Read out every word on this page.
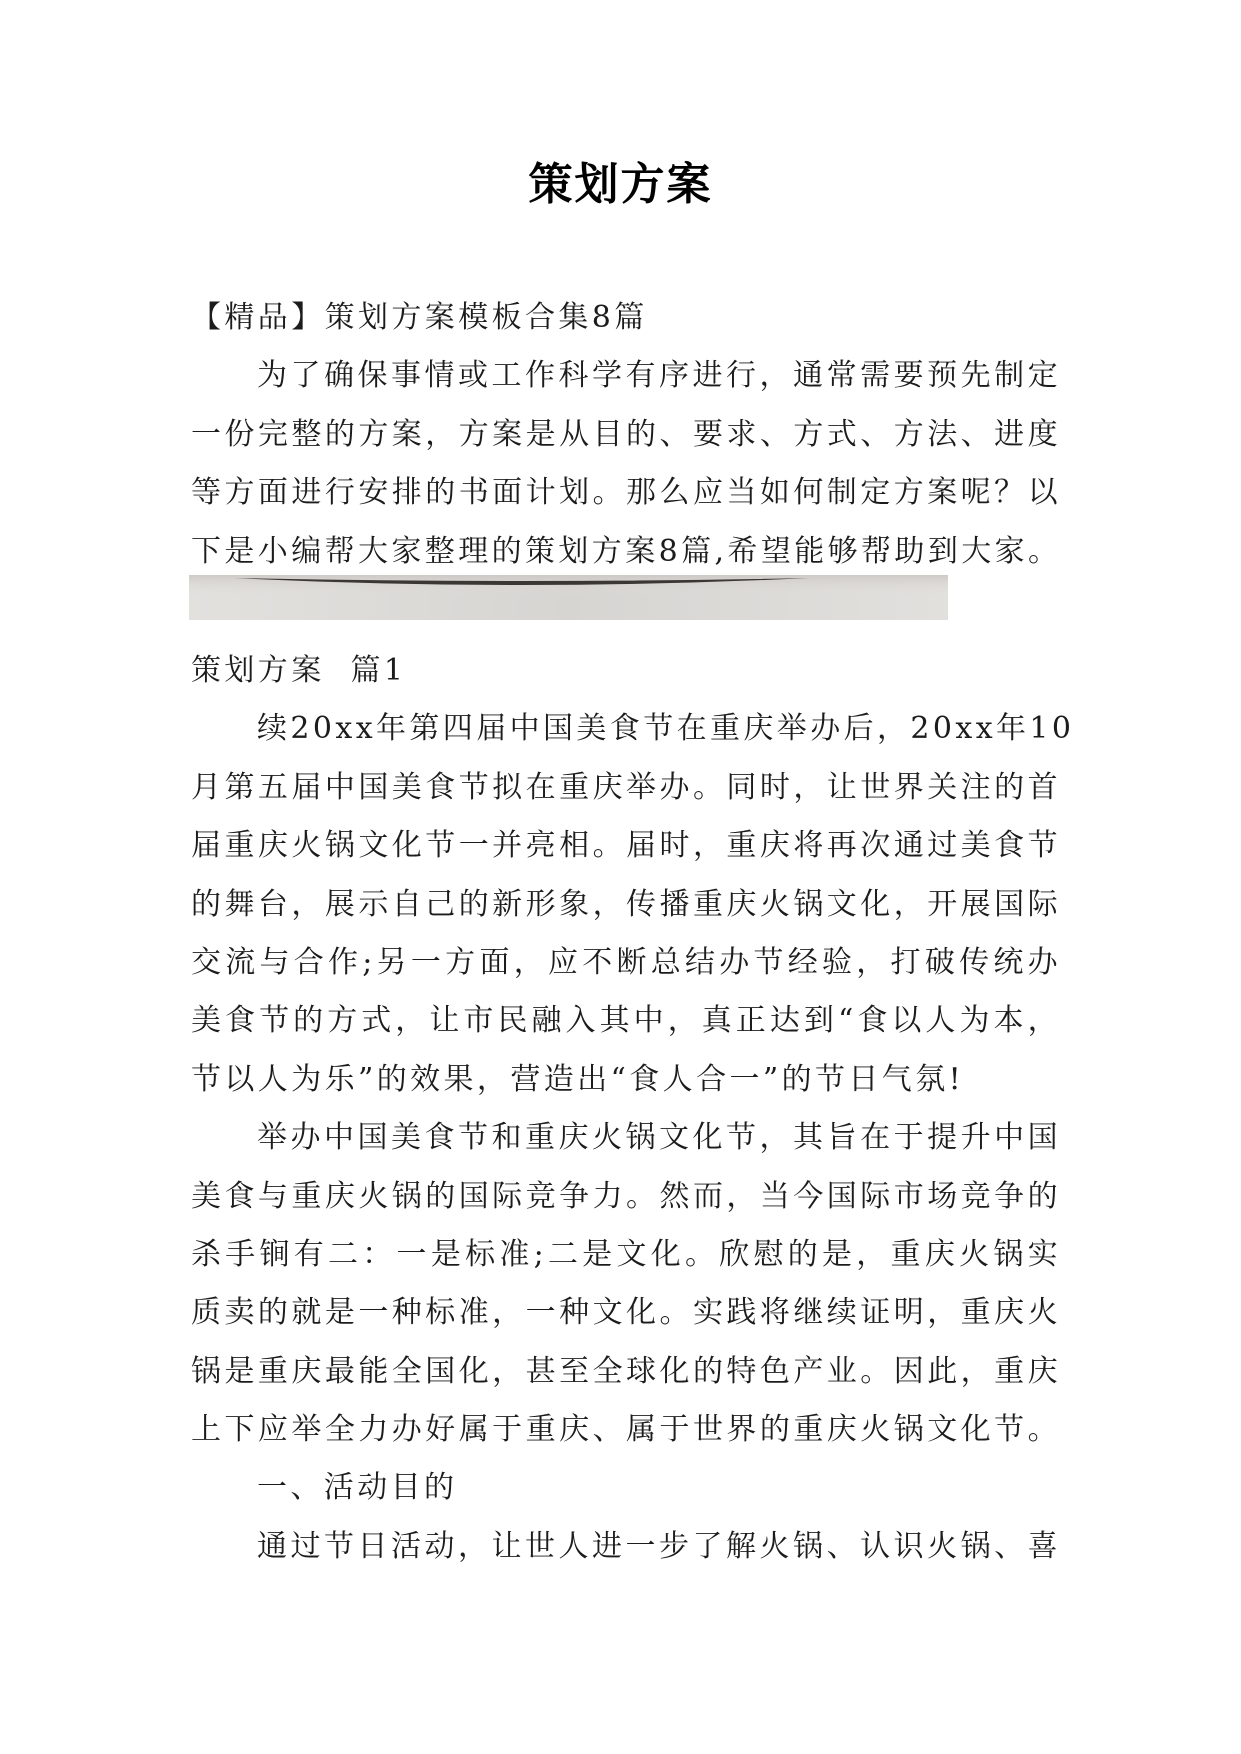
策划方案
【精品】策划方案模板合集8篇
为了确保事情或工作科学有序进行，通常需要预先制定
一份完整的方案，方案是从目的、要求、方式、方法、进度
等方面进行安排的书面计划。那么应当如何制定方案呢？以
下是小编帮大家整理的策划方案8篇,希望能够帮助到大家。
策划方案  篇1
续20xx年第四届中国美食节在重庆举办后，20xx年10
月第五届中国美食节拟在重庆举办。同时，让世界关注的首
届重庆火锅文化节一并亮相。届时，重庆将再次通过美食节
的舞台，展示自己的新形象，传播重庆火锅文化，开展国际
交流与合作;另一方面，应不断总结办节经验，打破传统办
美食节的方式，让市民融入其中，真正达到“食以人为本，
节以人为乐”的效果，营造出“食人合一”的节日气氛!
举办中国美食节和重庆火锅文化节，其旨在于提升中国
美食与重庆火锅的国际竞争力。然而，当今国际市场竞争的
杀手锏有二：一是标准;二是文化。欣慰的是，重庆火锅实
质卖的就是一种标准，一种文化。实践将继续证明，重庆火
锅是重庆最能全国化，甚至全球化的特色产业。因此，重庆
上下应举全力办好属于重庆、属于世界的重庆火锅文化节。
一、活动目的
通过节日活动，让世人进一步了解火锅、认识火锅、喜
